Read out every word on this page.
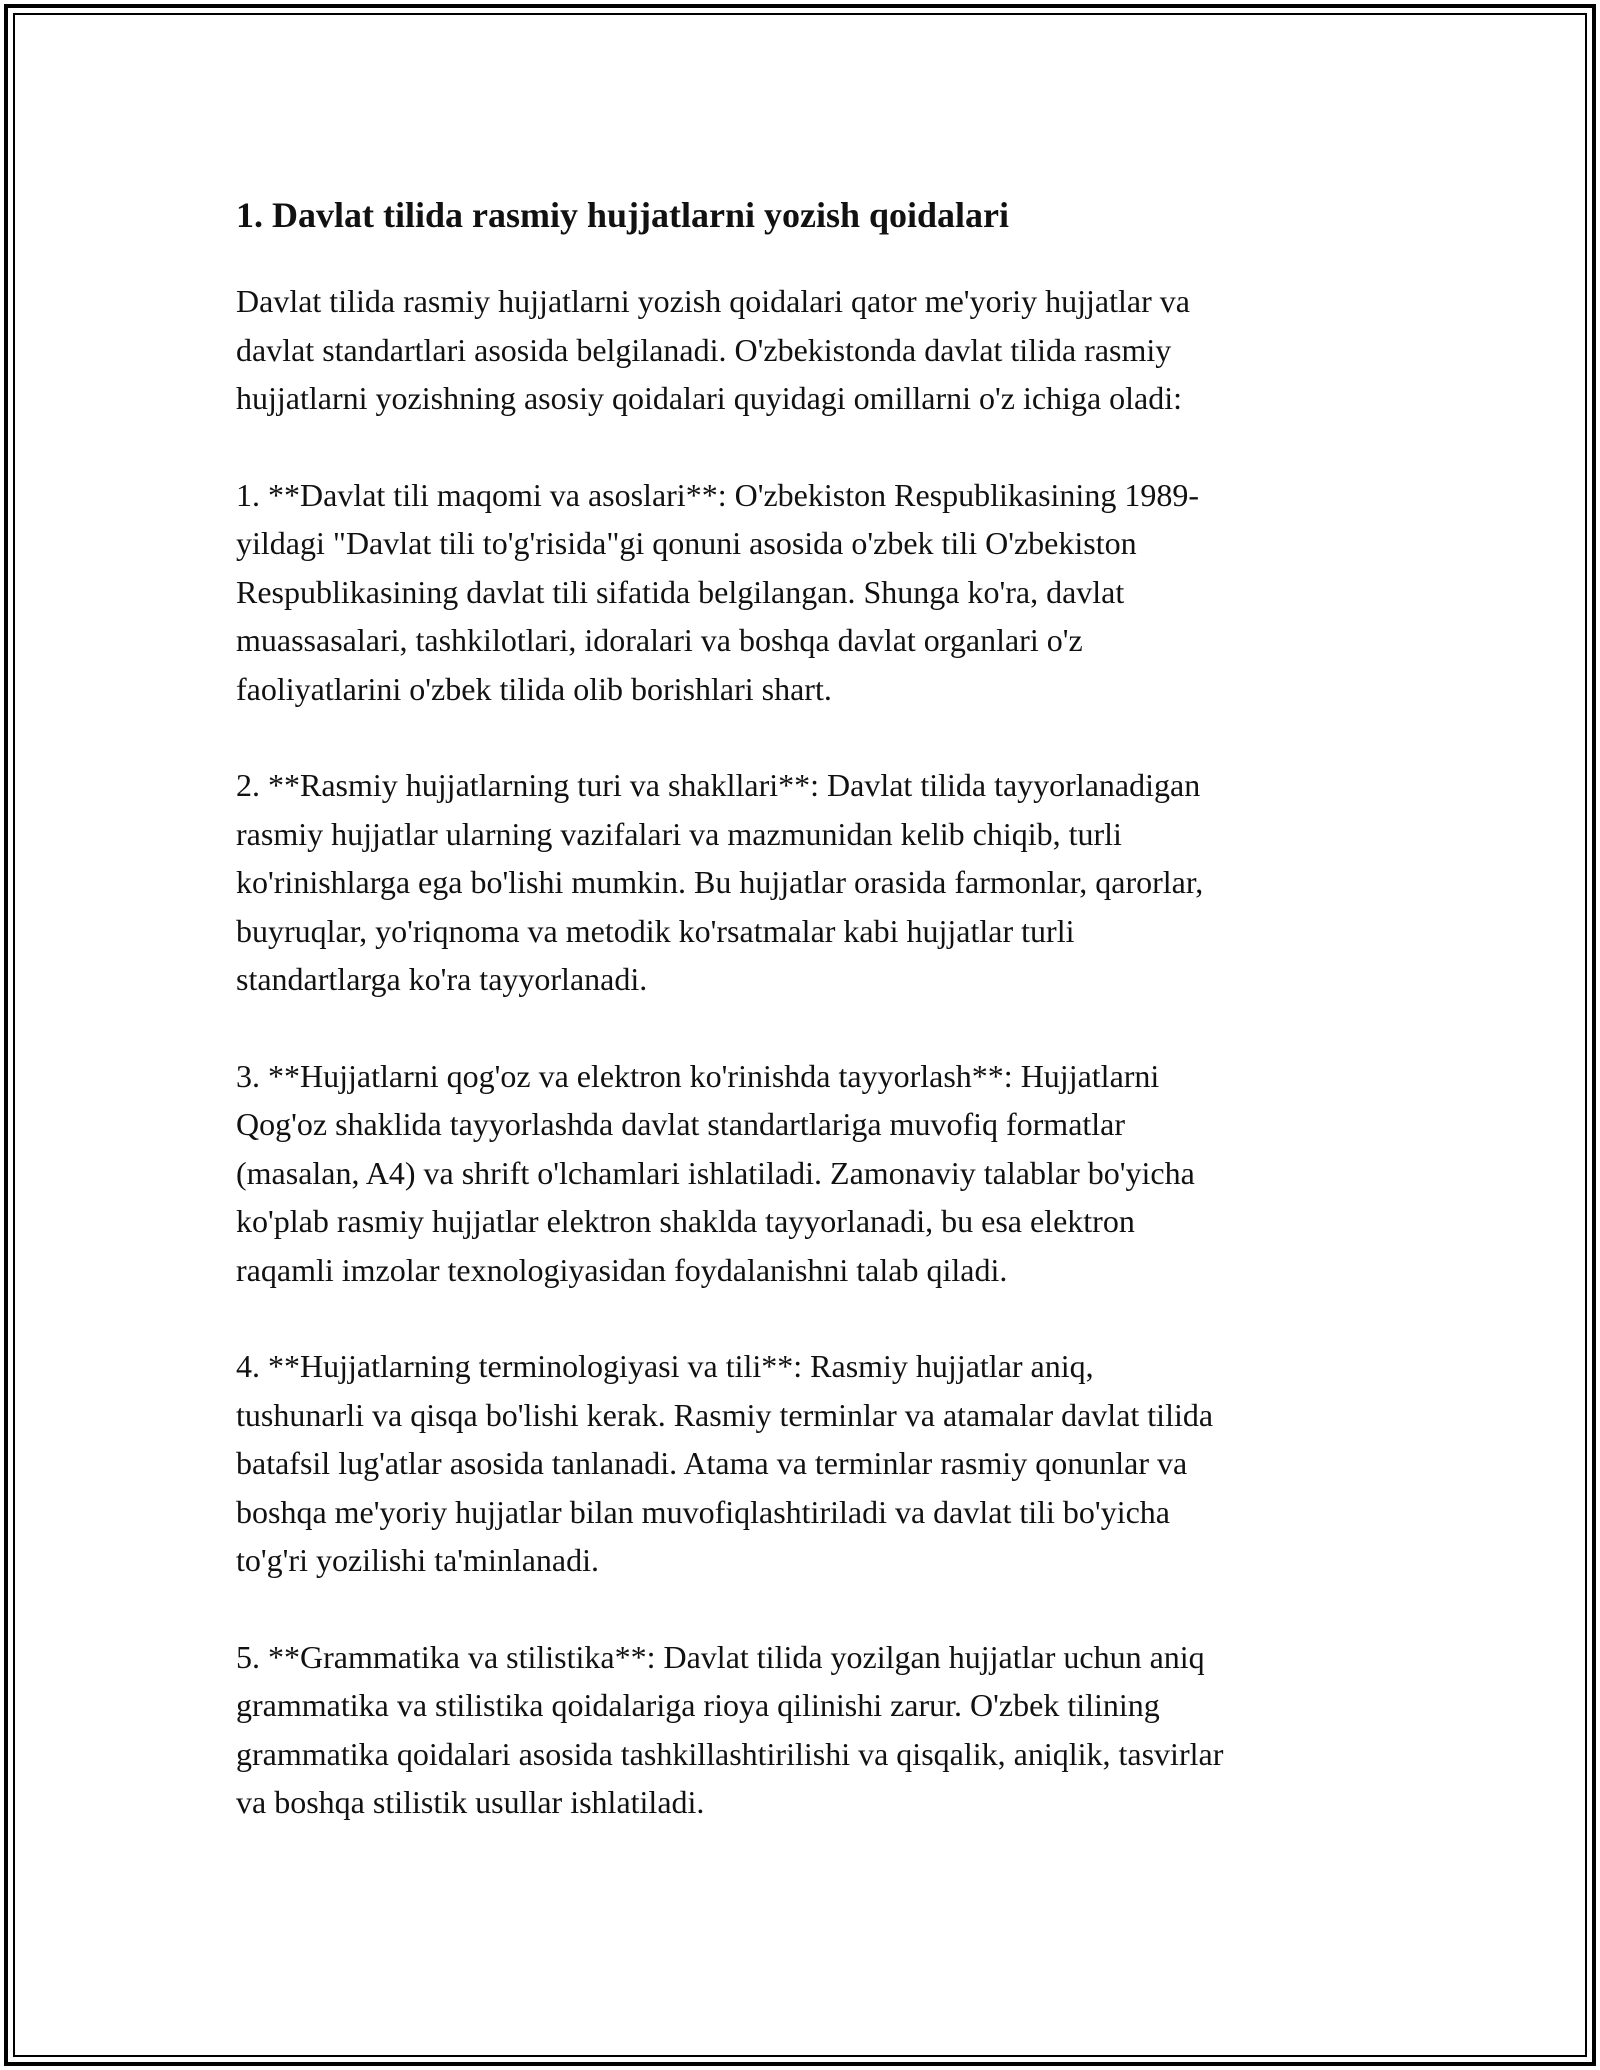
1. Davlat tilida rasmiy hujjatlarni yozish qoidalari

Davlat tilida rasmiy hujjatlarni yozish qoidalari qator me'yoriy hujjatlar va
davlat standartlari asosida belgilanadi. O'zbekistonda davlat tilida rasmiy
hujjatlarni yozishning asosiy qoidalari quyidagi omillarni o'z ichiga oladi:

1. **Davlat tili maqomi va asoslari**: O'zbekiston Respublikasining 1989-
yildagi "Davlat tili to'g'risida"gi qonuni asosida o'zbek tili O'zbekiston
Respublikasining davlat tili sifatida belgilangan. Shunga ko'ra, davlat
muassasalari, tashkilotlari, idoralari va boshqa davlat organlari o'z
faoliyatlarini o'zbek tilida olib borishlari shart.

2. **Rasmiy hujjatlarning turi va shakllari**: Davlat tilida tayyorlanadigan
rasmiy hujjatlar ularning vazifalari va mazmunidan kelib chiqib, turli
ko'rinishlarga ega bo'lishi mumkin. Bu hujjatlar orasida farmonlar, qarorlar,
buyruqlar, yo'riqnoma va metodik ko'rsatmalar kabi hujjatlar turli
standartlarga ko'ra tayyorlanadi.

3. **Hujjatlarni qog'oz va elektron ko'rinishda tayyorlash**: Hujjatlarni
Qog'oz shaklida tayyorlashda davlat standartlariga muvofiq formatlar
(masalan, A4) va shrift o'lchamlari ishlatiladi. Zamonaviy talablar bo'yicha
ko'plab rasmiy hujjatlar elektron shaklda tayyorlanadi, bu esa elektron
raqamli imzolar texnologiyasidan foydalanishni talab qiladi.

4. **Hujjatlarning terminologiyasi va tili**: Rasmiy hujjatlar aniq,
tushunarli va qisqa bo'lishi kerak. Rasmiy terminlar va atamalar davlat tilida
batafsil lug'atlar asosida tanlanadi. Atama va terminlar rasmiy qonunlar va
boshqa me'yoriy hujjatlar bilan muvofiqlashtiriladi va davlat tili bo'yicha
to'g'ri yozilishi ta'minlanadi.

5. **Grammatika va stilistika**: Davlat tilida yozilgan hujjatlar uchun aniq
grammatika va stilistika qoidalariga rioya qilinishi zarur. O'zbek tilining
grammatika qoidalari asosida tashkillashtirilishi va qisqalik, aniqlik, tasvirlar
va boshqa stilistik usullar ishlatiladi.
